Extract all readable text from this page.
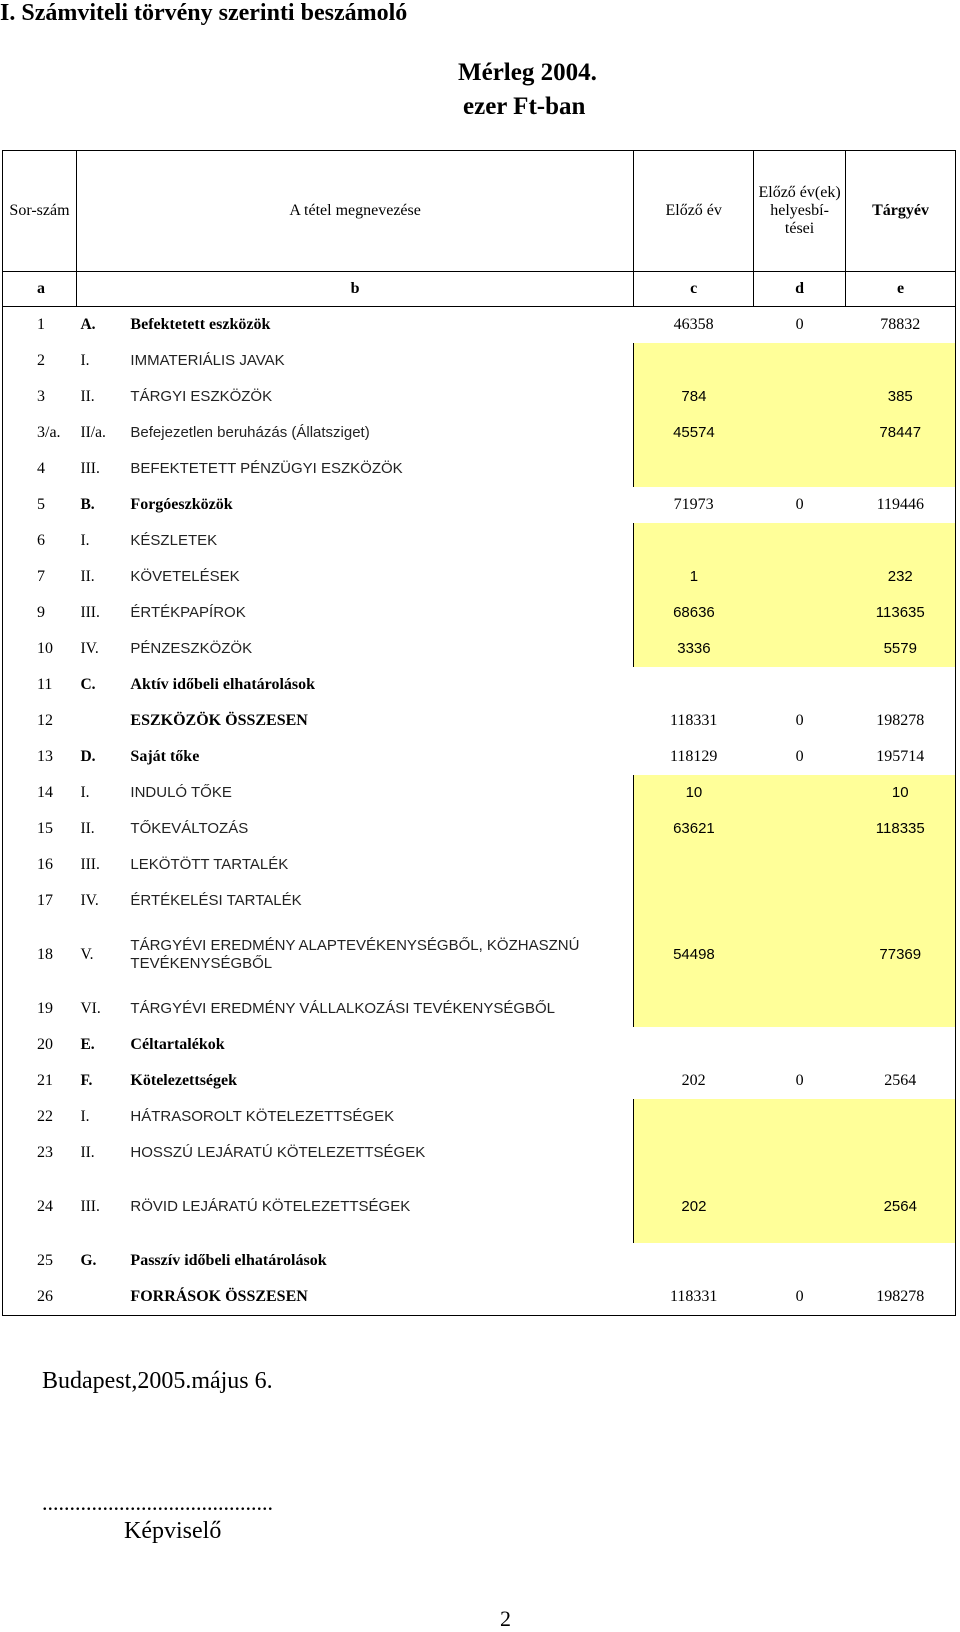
I. Számviteli törvény szerinti beszámoló
Mérleg 2004.
ezer Ft-ban
Sor-szám	A tétel megnevezése		Előző év	Előző év(ek) helyesbí-tései	Tárgyév
a	b		c	d	e
1	A.	Befektetett eszközök	46358	0	78832
2	I.	IMMATERIÁLIS JAVAK			
3	II.	TÁRGYI ESZKÖZÖK	784		385
3/a.	II/a.	Befejezetlen beruházás (Állatsziget)	45574		78447
4	III.	BEFEKTETETT PÉNZÜGYI ESZKÖZÖK			
5	B.	Forgóeszközök	71973	0	119446
6	I.	KÉSZLETEK			
7	II.	KÖVETELÉSEK	1		232
9	III.	ÉRTÉKPAPÍROK	68636		113635
10	IV.	PÉNZESZKÖZÖK	3336		5579
11	C.	Aktív időbeli elhatárolások			
12		ESZKÖZÖK ÖSSZESEN	118331	0	198278
13	D.	Saját tőke	118129	0	195714
14	I.	INDULÓ TŐKE	10		10
15	II.	TŐKEVÁLTOZÁS	63621		118335
16	III.	LEKÖTÖTT TARTALÉK			
17	IV.	ÉRTÉKELÉSI TARTALÉK			
18	V.	TÁRGYÉVI EREDMÉNY ALAPTEVÉKENYSÉGBŐL, KÖZHASZNÚ TEVÉKENYSÉGBŐL	54498		77369
19	VI.	TÁRGYÉVI EREDMÉNY VÁLLALKOZÁSI TEVÉKENYSÉGBŐL			
20	E.	Céltartalékok			
21	F.	Kötelezettségek	202	0	2564
22	I.	HÁTRASOROLT KÖTELEZETTSÉGEK			
23	II.	HOSSZÚ LEJÁRATÚ KÖTELEZETTSÉGEK			
24	III.	RÖVID LEJÁRATÚ KÖTELEZETTSÉGEK	202		2564
25	G.	Passzív időbeli elhatárolások			
26		FORRÁSOK ÖSSZESEN	118331	0	198278
Budapest,2005.május 6.
..........................................
Képviselő
2
